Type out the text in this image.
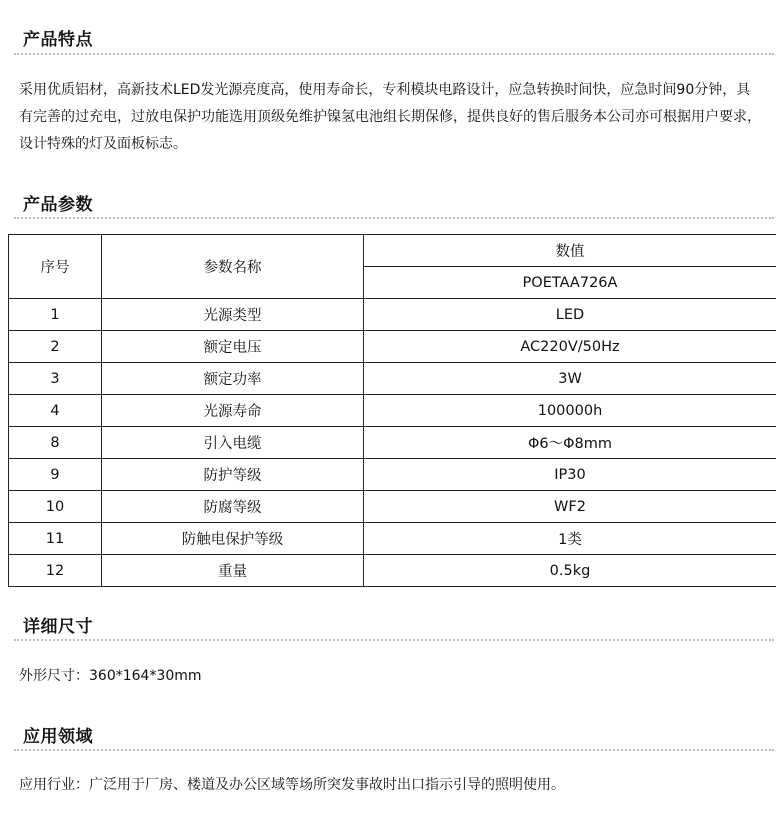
产品特点
采用优质铝材，高新技术LED发光源亮度高，使用寿命长，专利模块电路设计，应急转换时间快，应急时间90分钟，具有完善的过充电，过放电保护功能选用顶级免维护镍氢电池组长期保修，提供良好的售后服务本公司亦可根据用户要求，设计特殊的灯及面板标志。
产品参数
序号	参数名称	数值
		POETAA726A
1	光源类型	LED
2	额定电压	AC220V/50Hz
3	额定功率	3W
4	光源寿命	100000h
8	引入电缆	Φ6～Φ8mm
9	防护等级	IP30
10	防腐等级	WF2
11	防触电保护等级	1类
12	重量	0.5kg
详细尺寸
外形尺寸：360*164*30mm
应用领域
应用行业：广泛用于厂房、楼道及办公区域等场所突发事故时出口指示引导的照明使用。
